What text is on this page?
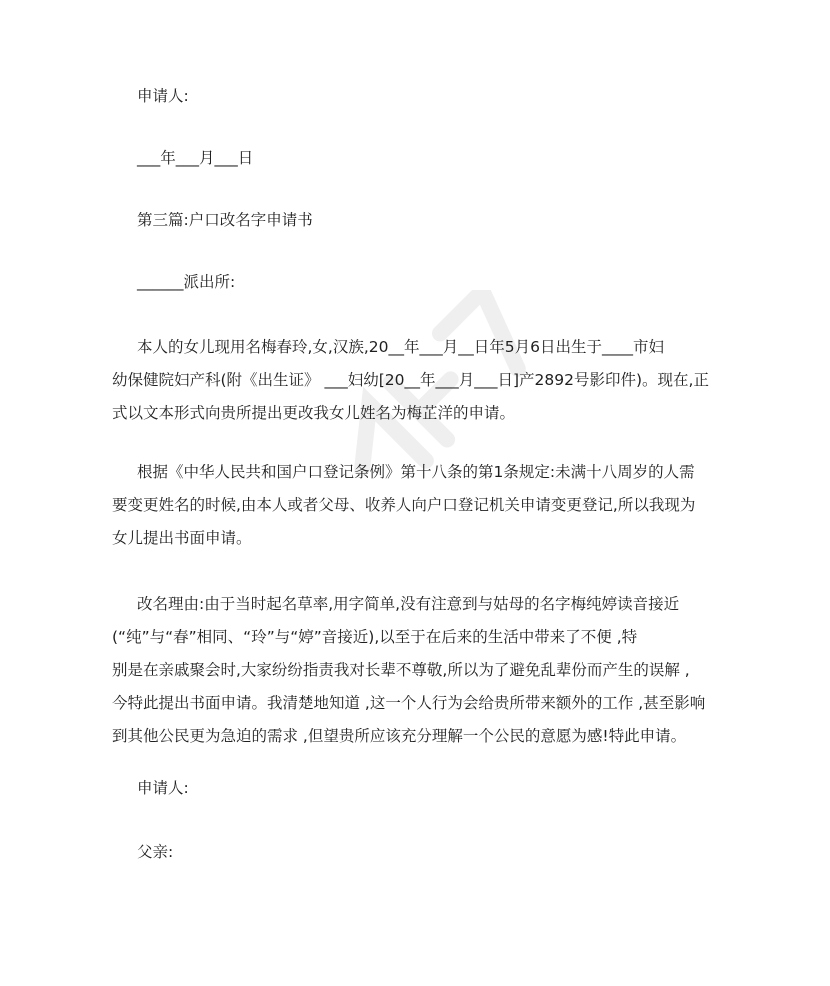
申请人:
___年___月___日
第三篇:户口改名字申请书
______派出所:
本人的女儿现用名梅春玲,女,汉族,20__年___月__日年5月6日出生于____市妇
幼保健院妇产科(附《出生证》 ___妇幼[20__年___月___日]产2892号影印件)。现在,正
式以文本形式向贵所提出更改我女儿姓名为梅芷洋的申请。
根据《中华人民共和国户口登记条例》第十八条的第1条规定:未满十八周岁的人需
要变更姓名的时候,由本人或者父母、收养人向户口登记机关申请变更登记,所以我现为
女儿提出书面申请。
改名理由:由于当时起名草率,用字简单,没有注意到与姑母的名字梅纯婷读音接近
(“纯”与“春”相同、“玲”与“婷”音接近),以至于在后来的生活中带来了不便 ,特
别是在亲戚聚会时,大家纷纷指责我对长辈不尊敬,所以为了避免乱辈份而产生的误解 ,
今特此提出书面申请。我清楚地知道 ,这一个人行为会给贵所带来额外的工作 ,甚至影响
到其他公民更为急迫的需求 ,但望贵所应该充分理解一个公民的意愿为感!特此申请。
申请人:
父亲:
